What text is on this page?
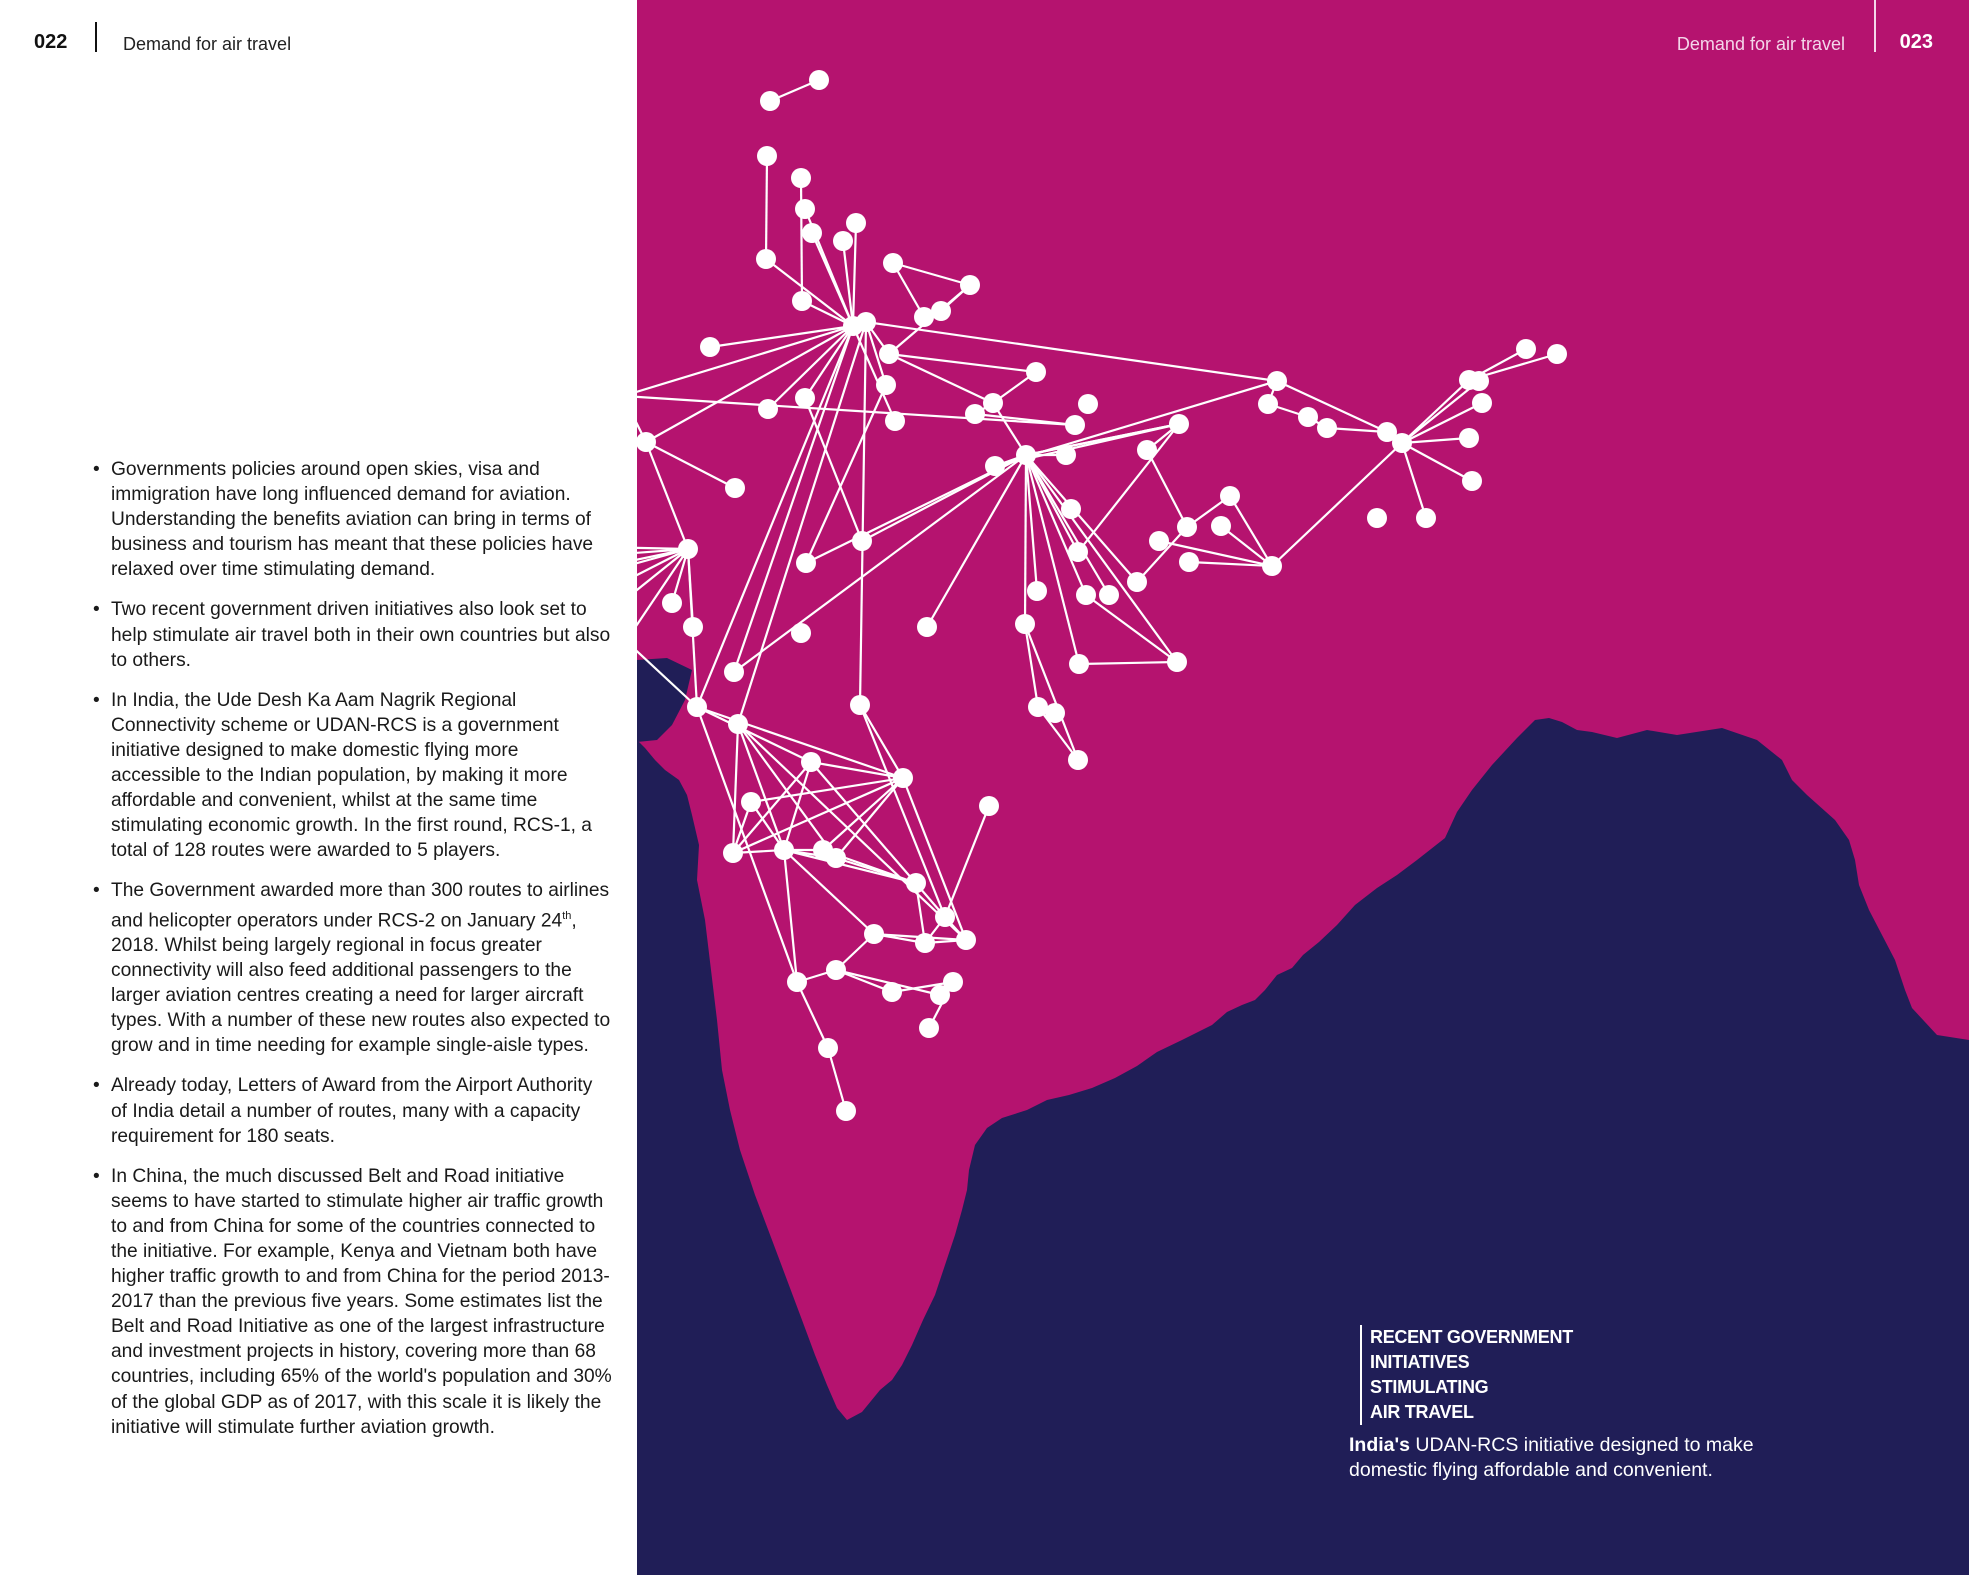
022	Demand for air travel
• Governments policies around open skies, visa and immigration have long influenced demand for aviation. Understanding the benefits aviation can bring in terms of business and tourism has meant that these policies have relaxed over time stimulating demand.
• Two recent government driven initiatives also look set to help stimulate air travel both in their own countries but also to others.
• In India, the Ude Desh Ka Aam Nagrik Regional Connectivity scheme or UDAN-RCS is a government initiative designed to make domestic flying more accessible to the Indian population, by making it more affordable and convenient, whilst at the same time stimulating economic growth. In the first round, RCS-1, a total of 128 routes were awarded to 5 players.
• The Government awarded more than 300 routes to airlines and helicopter operators under RCS-2 on January 24th, 2018. Whilst being largely regional in focus greater connectivity will also feed additional passengers to the larger aviation centres creating a need for larger aircraft types. With a number of these new routes also expected to grow and in time needing for example single-aisle types.
• Already today, Letters of Award from the Airport Authority of India detail a number of routes, many with a capacity requirement for 180 seats.
• In China, the much discussed Belt and Road initiative seems to have started to stimulate higher air traffic growth to and from China for some of the countries connected to the initiative. For example, Kenya and Vietnam both have higher traffic growth to and from China for the period 2013-2017 than the previous five years. Some estimates list the Belt and Road Initiative as one of the largest infrastructure and investment projects in history, covering more than 68 countries, including 65% of the world's population and 30% of the global GDP as of 2017, with this scale it is likely the initiative will stimulate further aviation growth.
Demand for air travel	023
RECENT GOVERNMENT
INITIATIVES STIMULATING
AIR TRAVEL
India's UDAN-RCS initiative designed to make domestic flying affordable and convenient.
